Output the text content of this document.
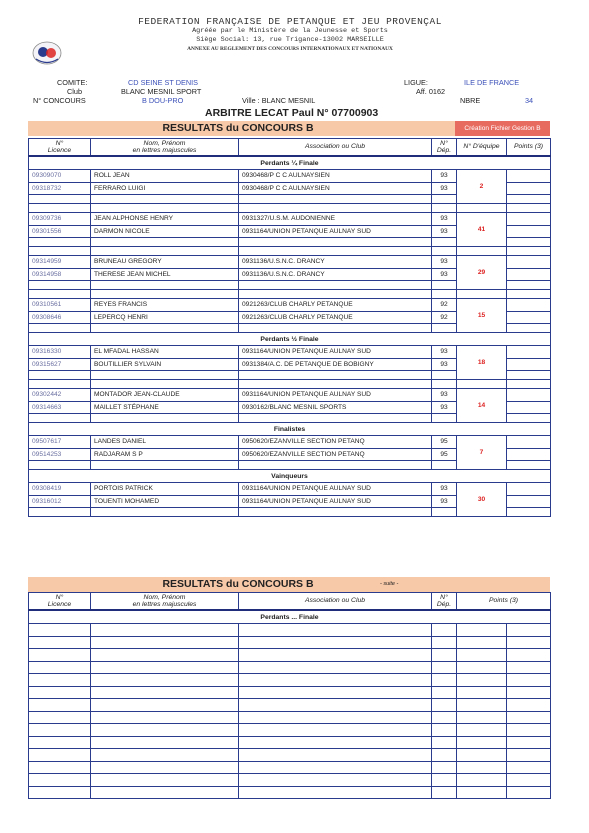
FEDERATION FRANÇAISE DE PETANQUE ET JEU PROVENÇAL
Agréée par le Ministère de la Jeunesse et Sports
Siège Social: 13, rue Trigance-13002 MARSEILLE
ANNEXE AU REGLEMENT DES CONCOURS INTERNATIONAUX ET NATIONAUX
COMITE:	CD SEINE ST DENIS
Club	BLANC MESNIL SPORT
N° CONCOURS	B DOU-PRO	Ville : BLANC MESNIL
LIGUE:	ILE DE FRANCE
Aff. 0162
NBRE	34
ARBITRE LECAT Paul N° 07700903
RESULTATS du CONCOURS B	Création Fichier Gestion B
N°
Licence	Nom, Prénom
en lettres majuscules	Association ou Club	N°
Dép.	N° D'équipe	Points (3)
Perdants ¼ Finale					
09309070	ROLL JEAN	0930468/P C C AULNAYSIEN	93	2	
09318732	FERRARO LUIGI	0930468/P C C AULNAYSIEN	93		

09309736	JEAN ALPHONSE HENRY	0931327/U.S.M. AUDONIENNE	93	41	
09301556	DARMON NICOLE	0931164/UNION PETANQUE AULNAY SUD	93		

09314959	BRUNEAU GREGORY	0931136/U.S.N.C. DRANCY	93	29	
09314958	THERESE JEAN MICHEL	0931136/U.S.N.C. DRANCY	93		

09310561	REYES FRANCIS	0921263/CLUB CHARLY PETANQUE	92	15	
09308646	LEPERCQ HENRI	0921263/CLUB CHARLY PETANQUE	92		

Perdants ½ Finale					
09316330	EL MFADAL HASSAN	0931164/UNION PETANQUE AULNAY SUD	93	18	
09315627	BOUTILLIER SYLVAIN	0931384/A.C. DE PETANQUE DE BOBIGNY	93		

09302442	MONTADOR JEAN-CLAUDE	0931164/UNION PETANQUE AULNAY SUD	93	14	
09314663	MAILLET STÉPHANE	0930162/BLANC MESNIL SPORTS	93		

Finalistes					
09507617	LANDES DANIEL	0950620/EZANVILLE SECTION PETANQ	95	7	
09514253	RADJARAM S P	0950620/EZANVILLE SECTION PETANQ	95		

Vainqueurs					
09308419	PORTOIS PATRICK	0931164/UNION PETANQUE AULNAY SUD	93	30	
09316012	TOUENTI MOHAMED	0931164/UNION PETANQUE AULNAY SUD	93		

RESULTATS du CONCOURS B	- suite -
N°
Licence	Nom, Prénom
en lettres majuscules	Association ou Club	N°
Dép.	Points (3)	
Perdants ... Finale					
